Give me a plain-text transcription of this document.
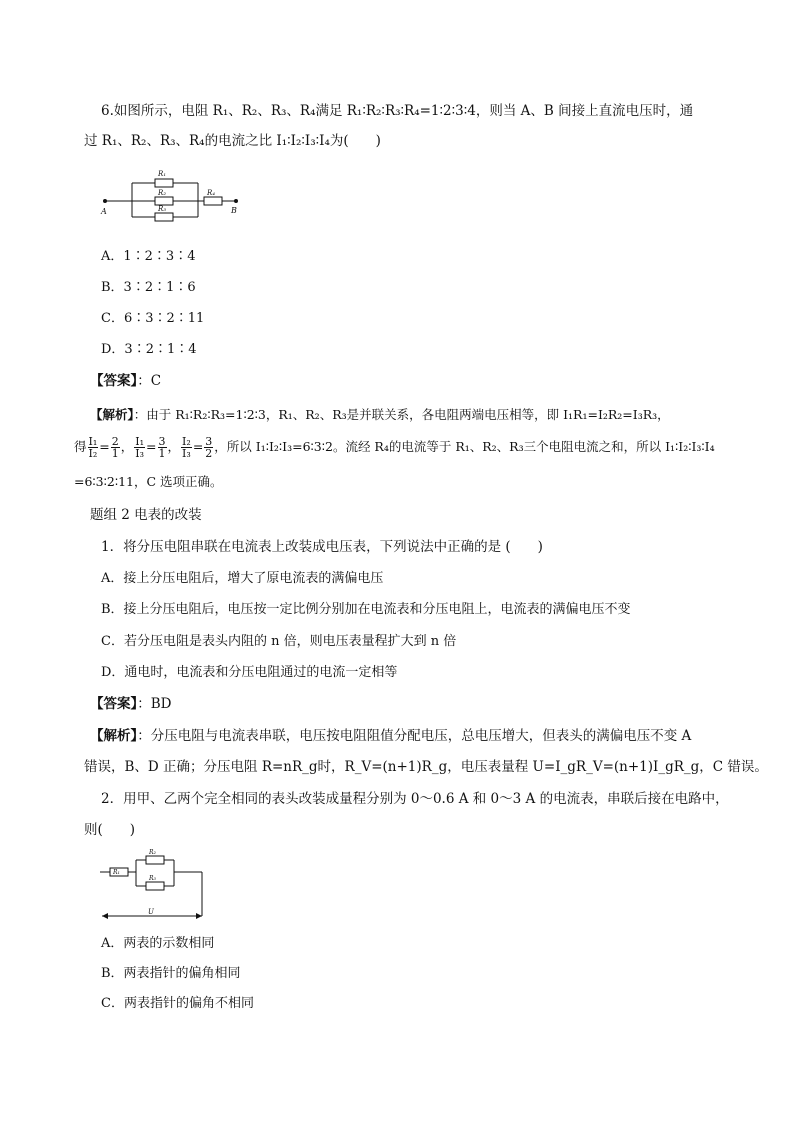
6.如图所示，电阻 R₁、R₂、R₃、R₄满足 R₁∶R₂∶R₃∶R₄=1∶2∶3∶4，则当 A、B 间接上直流电压时，通
过 R₁、R₂、R₃、R₄的电流之比 I₁∶I₂∶I₃∶I₄为(　　)
A	B
R₁
R₂
R₃
R₄
A．1∶2∶3∶4
B．3∶2∶1∶6
C．6∶3∶2∶11
D．3∶2∶1∶4
【答案】：C
【解析】：由于 R₁∶R₂∶R₃=1∶2∶3，R₁、R₂、R₃是并联关系，各电阻两端电压相等，即 I₁R₁=I₂R₂=I₃R₃，
得 $\frac{\text{I₁}}{\text{I₂}} = \frac{2}{1}$ ， $\frac{\text{I₁}}{\text{I₃}} = \frac{3}{1}$ ， $\frac{\text{I₂}}{\text{I₃}} = \frac{3}{2}$ ，所以 I₁∶I₂∶I₃=6∶3∶2。流经 R₄的电流等于 R₁、R₂、R₃三个电阻电流之和，所以 I₁∶I₂∶I₃∶I₄
=6∶3∶2∶11，C 选项正确。
题组 2 电表的改装
1．将分压电阻串联在电流表上改装成电压表，下列说法中正确的是 (　　)
A．接上分压电阻后，增大了原电流表的满偏电压
B．接上分压电阻后，电压按一定比例分别加在电流表和分压电阻上，电流表的满偏电压不变
C．若分压电阻是表头内阻的 n 倍，则电压表量程扩大到 n 倍
D．通电时，电流表和分压电阻通过的电流一定相等
【答案】：BD
【解析】：分压电阻与电流表串联，电压按电阻阻值分配电压，总电压增大，但表头的满偏电压不变 A
错误，B、D 正确；分压电阻 R=nR_g时，R_V=(n+1)R_g，电压表量程 U=I_gR_V=(n+1)I_gR_g，C 错误。
2．用甲、乙两个完全相同的表头改装成量程分别为 0～0.6 A 和 0～3 A 的电流表，串联后接在电路中，
则(　　)
R₁
R₂
R₃
U
A．两表的示数相同
B．两表指针的偏角相同
C．两表指针的偏角不相同
